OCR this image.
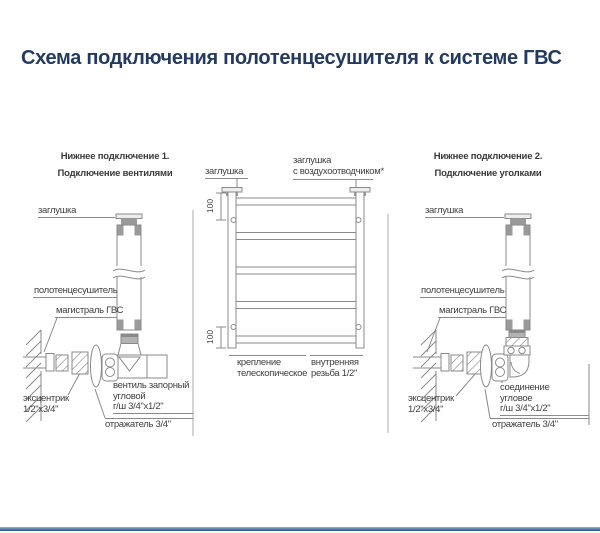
Схема подключения полотенцесушителя к системе ГВС
Нижнее подключение 1.
Подключение вентилями
Нижнее подключение 2.
Подключение уголками
заглушка
полотенцесушитель
магистраль ГВС
вентиль запорный
угловой
г/ш 3/4"x1/2"
эксцентрик
1/2"x3/4"
отражатель 3/4"
заглушка
заглушка
с воздухоотводчиком*
100
100
крепление
телескопическое
внутренняя
резьба 1/2"
заглушка
полотенцесушитель
магистраль ГВС
соединение
угловое
г/ш 3/4"x1/2"
эксцентрик
1/2"x3/4"
отражатель 3/4"
